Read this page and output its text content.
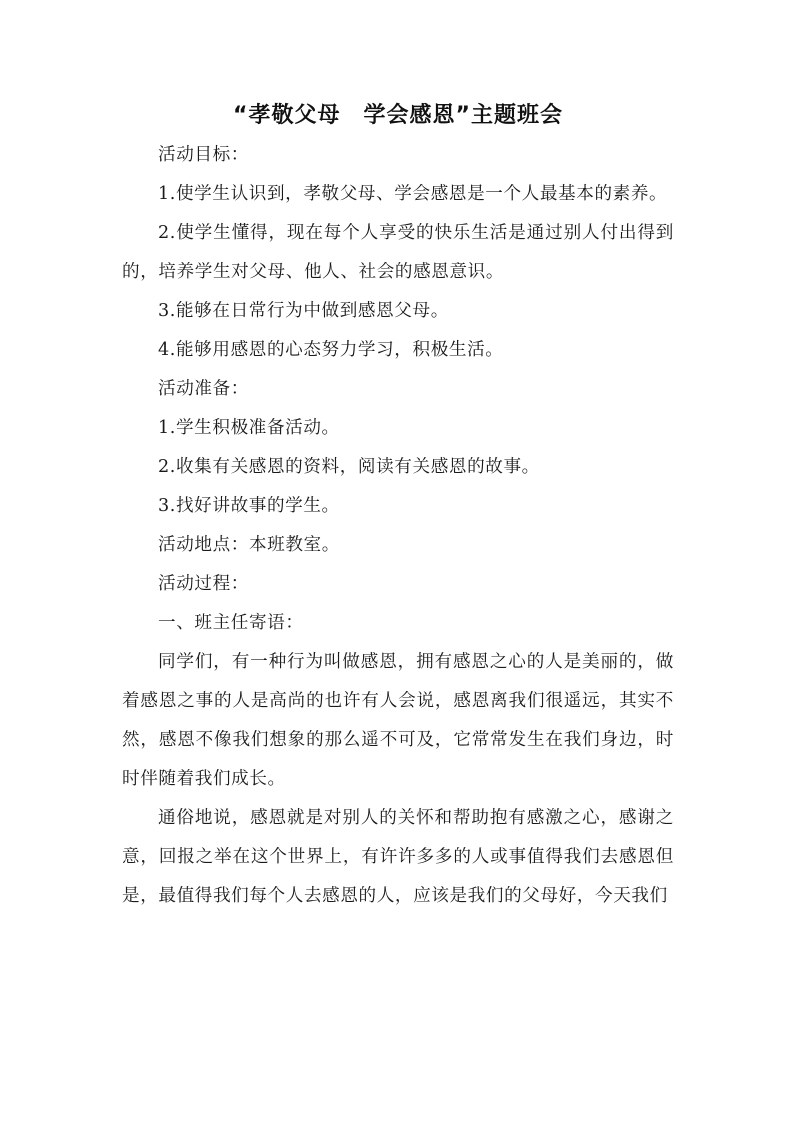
“孝敬父母　学会感恩”主题班会

活动目标：

1.使学生认识到，孝敬父母、学会感恩是一个人最基本的素养。

2.使学生懂得，现在每个人享受的快乐生活是通过别人付出得到的，培养学生对父母、他人、社会的感恩意识。

3.能够在日常行为中做到感恩父母。

4.能够用感恩的心态努力学习，积极生活。

活动准备：

1.学生积极准备活动。

2.收集有关感恩的资料，阅读有关感恩的故事。

3.找好讲故事的学生。

活动地点：本班教室。

活动过程：

一、班主任寄语：

同学们，有一种行为叫做感恩，拥有感恩之心的人是美丽的，做着感恩之事的人是高尚的也许有人会说，感恩离我们很遥远，其实不然，感恩不像我们想象的那么遥不可及，它常常发生在我们身边，时时伴随着我们成长。

通俗地说，感恩就是对别人的关怀和帮助抱有感激之心，感谢之意，回报之举在这个世界上，有许许多多的人或事值得我们去感恩但是，最值得我们每个人去感恩的人，应该是我们的父母好，今天我们
